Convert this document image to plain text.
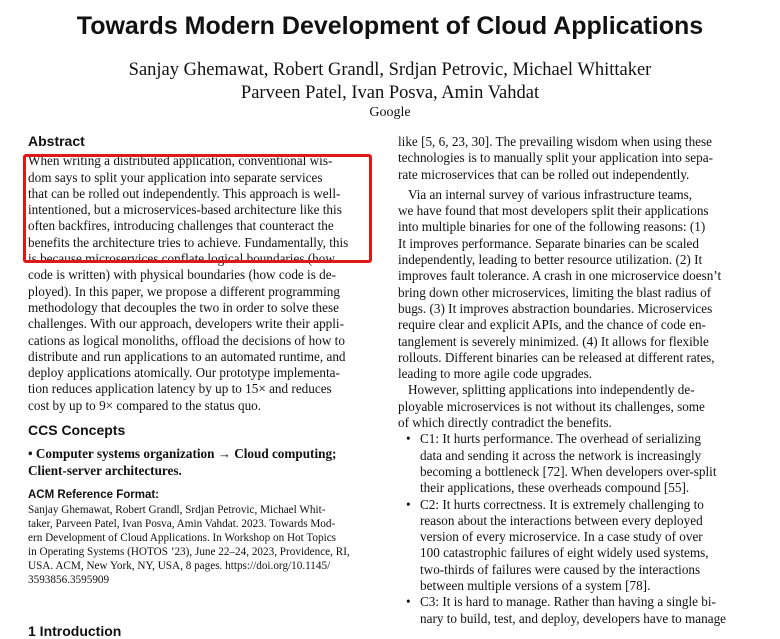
Towards Modern Development of Cloud Applications
Sanjay Ghemawat, Robert Grandl, Srdjan Petrovic, Michael Whittaker
Parveen Patel, Ivan Posva, Amin Vahdat
Google
Abstract
When writing a distributed application, conventional wis-
dom says to split your application into separate services
that can be rolled out independently. This approach is well-
intentioned, but a microservices-based architecture like this
often backfires, introducing challenges that counteract the
benefits the architecture tries to achieve. Fundamentally, this
is because microservices conflate logical boundaries (how
code is written) with physical boundaries (how code is de-
ployed). In this paper, we propose a different programming
methodology that decouples the two in order to solve these
challenges. With our approach, developers write their appli-
cations as logical monoliths, offload the decisions of how to
distribute and run applications to an automated runtime, and
deploy applications atomically. Our prototype implementa-
tion reduces application latency by up to 15× and reduces
cost by up to 9× compared to the status quo.
CCS Concepts
• Computer systems organization → Cloud computing;
Client-server architectures.
ACM Reference Format:
Sanjay Ghemawat, Robert Grandl, Srdjan Petrovic, Michael Whit-
taker, Parveen Patel, Ivan Posva, Amin Vahdat. 2023. Towards Mod-
ern Development of Cloud Applications. In Workshop on Hot Topics
in Operating Systems (HOTOS ’23), June 22–24, 2023, Providence, RI,
USA. ACM, New York, NY, USA, 8 pages. https://doi.org/10.1145/
3593856.3595909
1 Introduction
like [5, 6, 23, 30]. The prevailing wisdom when using these
technologies is to manually split your application into sepa-
rate microservices that can be rolled out independently.
Via an internal survey of various infrastructure teams,
we have found that most developers split their applications
into multiple binaries for one of the following reasons: (1)
It improves performance. Separate binaries can be scaled
independently, leading to better resource utilization. (2) It
improves fault tolerance. A crash in one microservice doesn’t
bring down other microservices, limiting the blast radius of
bugs. (3) It improves abstraction boundaries. Microservices
require clear and explicit APIs, and the chance of code en-
tanglement is severely minimized. (4) It allows for flexible
rollouts. Different binaries can be released at different rates,
leading to more agile code upgrades.
However, splitting applications into independently de-
ployable microservices is not without its challenges, some
of which directly contradict the benefits.
• C1: It hurts performance. The overhead of serializing
data and sending it across the network is increasingly
becoming a bottleneck [72]. When developers over-split
their applications, these overheads compound [55].
• C2: It hurts correctness. It is extremely challenging to
reason about the interactions between every deployed
version of every microservice. In a case study of over
100 catastrophic failures of eight widely used systems,
two-thirds of failures were caused by the interactions
between multiple versions of a system [78].
• C3: It is hard to manage. Rather than having a single bi-
nary to build, test, and deploy, developers have to manage
